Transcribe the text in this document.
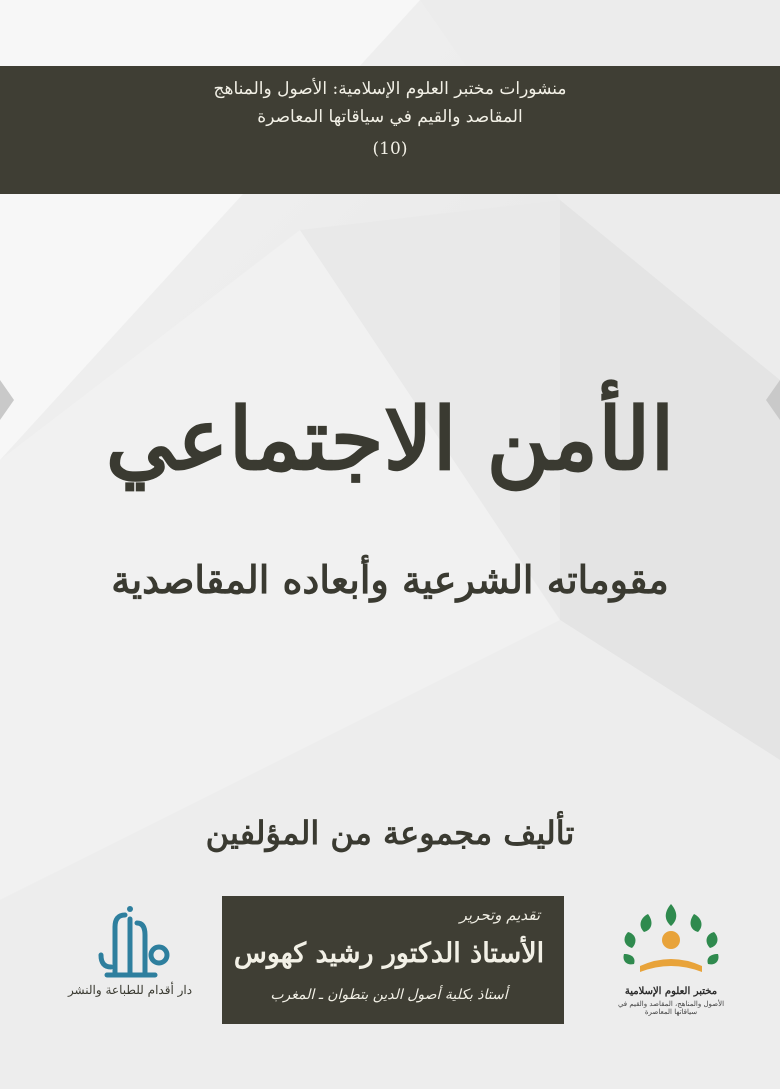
منشورات مختبر العلوم الإسلامية: الأصول والمناهج
المقاصد والقيم في سياقاتها المعاصرة
(10)
الأمن الاجتماعي
مقوماته الشرعية وأبعاده المقاصدية
تأليف مجموعة من المؤلفين
تقديم وتحرير
الأستاذ الدكتور رشيد كهوس
أستاذ بكلية أصول الدين بتطوان ـ المغرب
دار أقدام للطباعة والنشر	مختبر العلوم الإسلامية
الأصول والمناهج، المقاصد والقيم في سياقاتها المعاصرة
